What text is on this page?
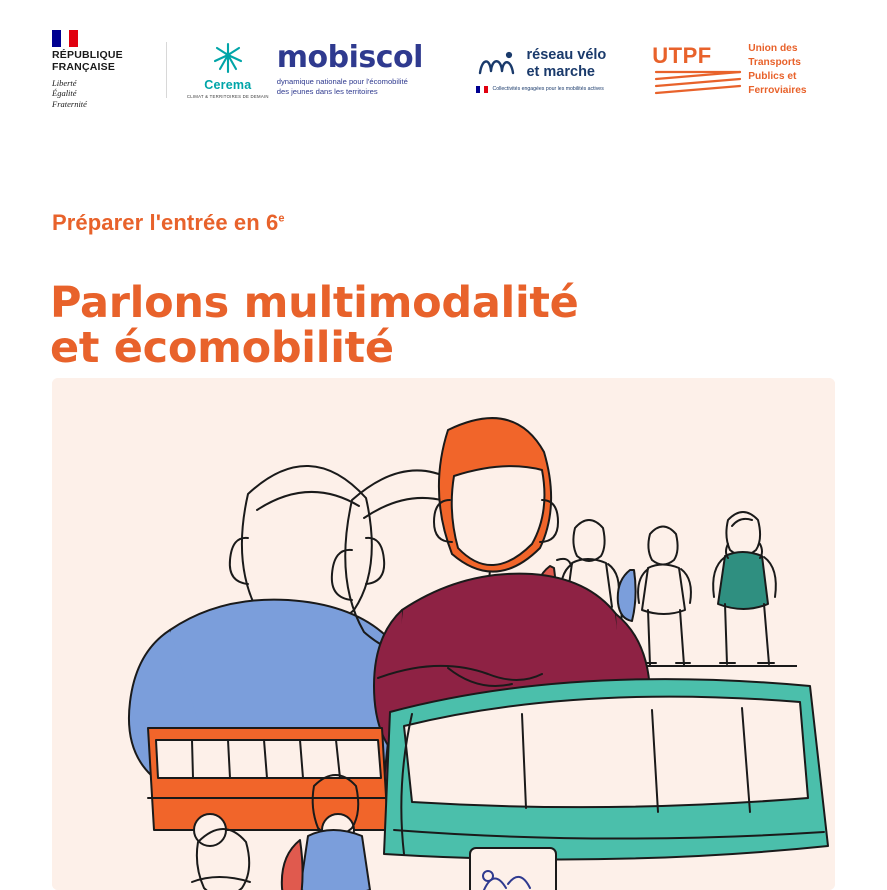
RÉPUBLIQUE
FRANÇAISE
Liberté
Égalité
Fraternité
Cerema
CLIMAT & TERRITOIRES DE DEMAIN
mobiscol
dynamique nationale pour l'écomobilité
des jeunes dans les territoires
réseau vélo
et marche
Collectivités engagées pour les mobilités actives
UTPF	Union des
Transports
Publics et
Ferroviaires
Préparer l'entrée en 6e
Parlons multimodalité
et écomobilité
